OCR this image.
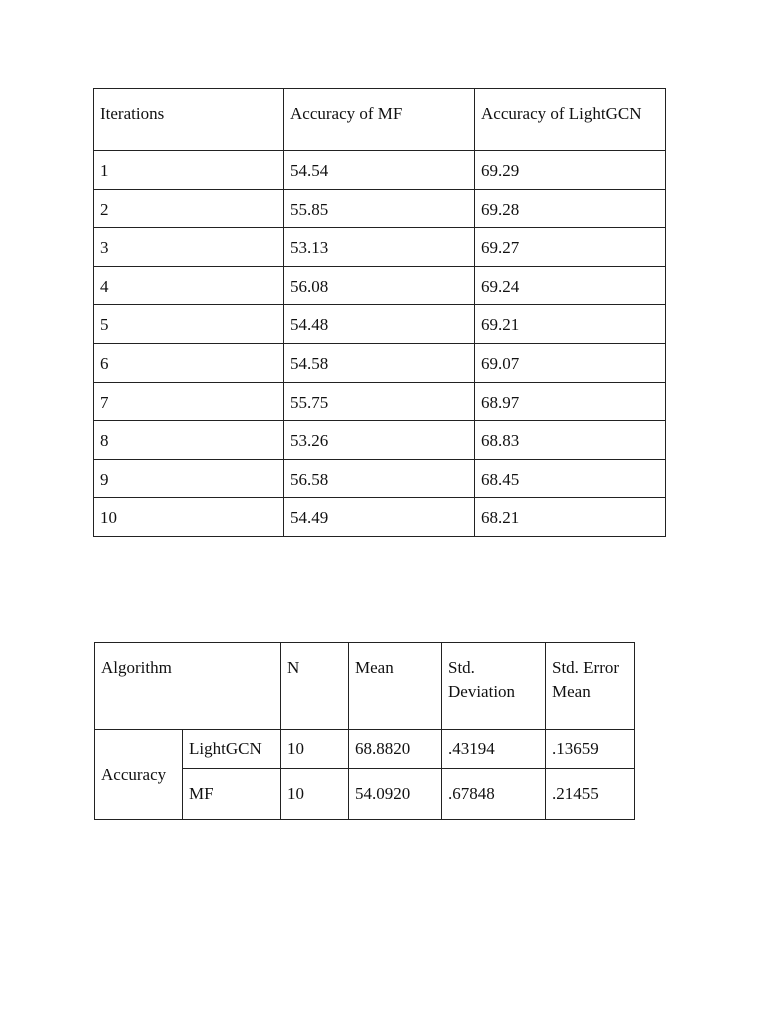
Iterations	Accuracy of MF	Accuracy of LightGCN
1	54.54	69.29
2	55.85	69.28
3	53.13	69.27
4	56.08	69.24
5	54.48	69.21
6	54.58	69.07
7	55.75	68.97
8	53.26	68.83
9	56.58	68.45
10	54.49	68.21
Algorithm		N	Mean	Std. Deviation	Std. Error Mean

Accuracy	LightGCN	10	68.8820	.43194	.13659
	MF	10	54.0920	.67848	.21455
